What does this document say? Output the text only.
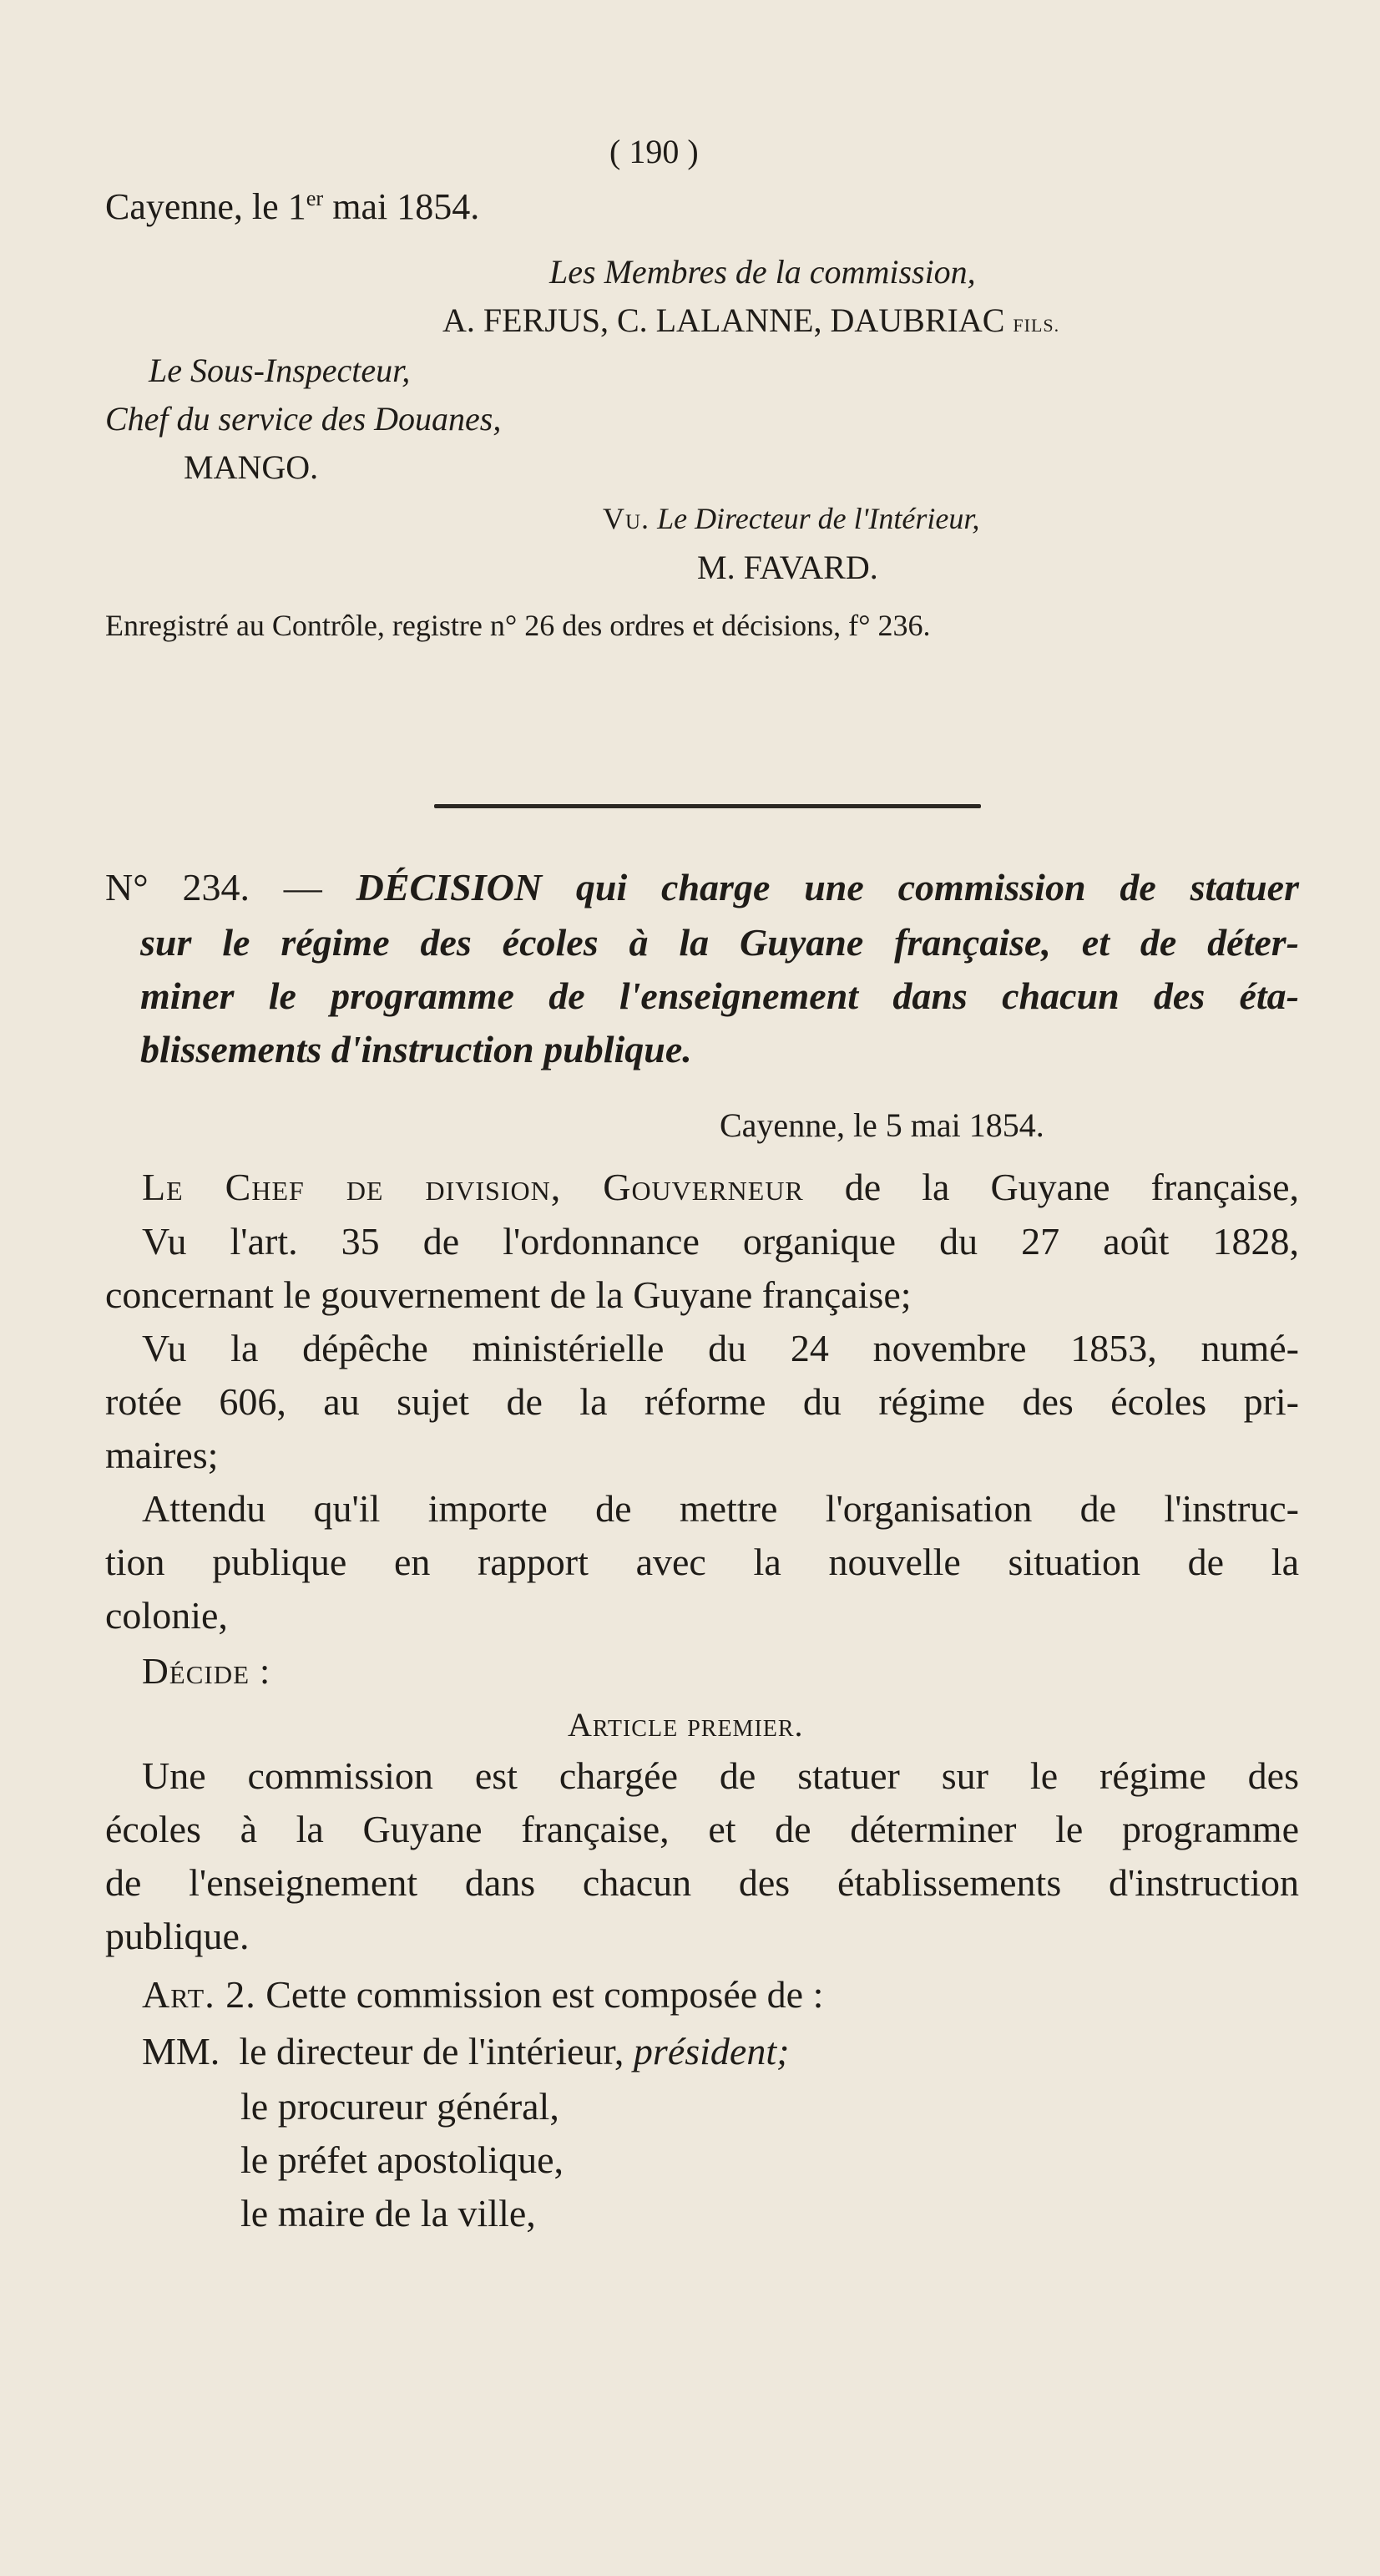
( 190 )
Cayenne, le 1er mai 1854.
Les Membres de la commission,
A. FERJUS, C. LALANNE, DAUBRIAC FILS.
Le Sous-Inspecteur,
Chef du service des Douanes,
MANGO.
Vu. Le Directeur de l'Intérieur,
M. FAVARD.
Enregistré au Contrôle, registre n° 26 des ordres et décisions, f° 236.
N° 234. — DÉCISION qui charge une commission de statuer
sur le régime des écoles à la Guyane française, et de déter-
miner le programme de l'enseignement dans chacun des éta-
blissements d'instruction publique.
Cayenne, le 5 mai 1854.
Le Chef de division, Gouverneur de la Guyane française,
Vu l'art. 35 de l'ordonnance organique du 27 août 1828,
concernant le gouvernement de la Guyane française;
Vu la dépêche ministérielle du 24 novembre 1853, numé-
rotée 606, au sujet de la réforme du régime des écoles pri-
maires;
Attendu qu'il importe de mettre l'organisation de l'instruc-
tion publique en rapport avec la nouvelle situation de la
colonie,
Décide :
Article premier.
Une commission est chargée de statuer sur le régime des
écoles à la Guyane française, et de déterminer le programme
de l'enseignement dans chacun des établissements d'instruction
publique.
Art. 2. Cette commission est composée de :
MM. le directeur de l'intérieur, président;
le procureur général,
le préfet apostolique,
le maire de la ville,
